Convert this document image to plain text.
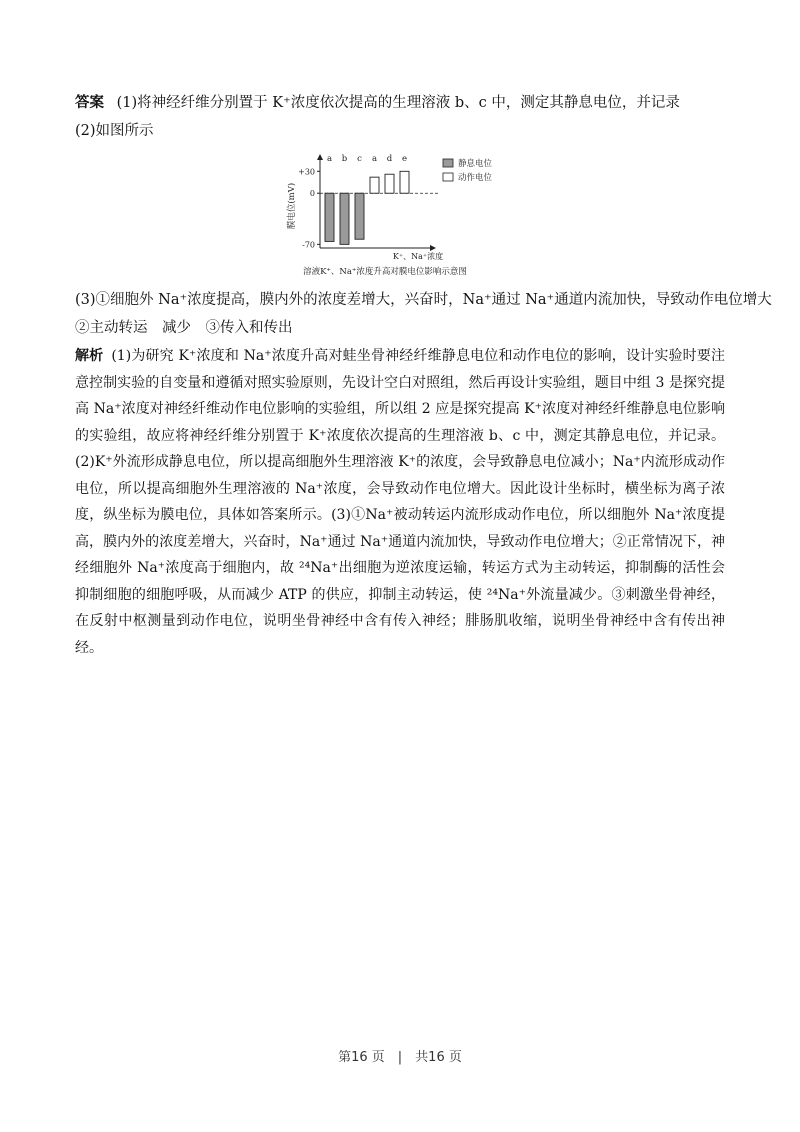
答案 (1)将神经纤维分别置于 K⁺浓度依次提高的生理溶液 b、c 中，测定其静息电位，并记录
(2)如图所示
+30
0
-70
膜电位(mV)
a b c a d e
K⁺、Na⁺浓度
溶液K⁺、Na⁺浓度升高对膜电位影响示意图
静息电位
动作电位
(3)①细胞外 Na⁺浓度提高，膜内外的浓度差增大，兴奋时，Na⁺通过 Na⁺通道内流加快，导致动作电位增大
②主动转运　减少　③传入和传出
解析 (1)为研究 K⁺浓度和 Na⁺浓度升高对蛙坐骨神经纤维静息电位和动作电位的影响，设计实验时要注意控制实验的自变量和遵循对照实验原则，先设计空白对照组，然后再设计实验组，题目中组 3 是探究提高 Na⁺浓度对神经纤维动作电位影响的实验组，所以组 2 应是探究提高 K⁺浓度对神经纤维静息电位影响的实验组，故应将神经纤维分别置于 K⁺浓度依次提高的生理溶液 b、c 中，测定其静息电位，并记录。(2)K⁺外流形成静息电位，所以提高细胞外生理溶液 K⁺的浓度，会导致静息电位减小；Na⁺内流形成动作电位，所以提高细胞外生理溶液的 Na⁺浓度，会导致动作电位增大。因此设计坐标时，横坐标为离子浓度，纵坐标为膜电位，具体如答案所示。(3)①Na⁺被动转运内流形成动作电位，所以细胞外 Na⁺浓度提高，膜内外的浓度差增大，兴奋时，Na⁺通过 Na⁺通道内流加快，导致动作电位增大；②正常情况下，神经细胞外 Na⁺浓度高于细胞内，故 ²⁴Na⁺出细胞为逆浓度运输，转运方式为主动转运，抑制酶的活性会抑制细胞的细胞呼吸，从而减少 ATP 的供应，抑制主动转运，使 ²⁴Na⁺外流量减少。③刺激坐骨神经，在反射中枢测量到动作电位，说明坐骨神经中含有传入神经；腓肠肌收缩，说明坐骨神经中含有传出神经。
第16 页　|　共16 页
